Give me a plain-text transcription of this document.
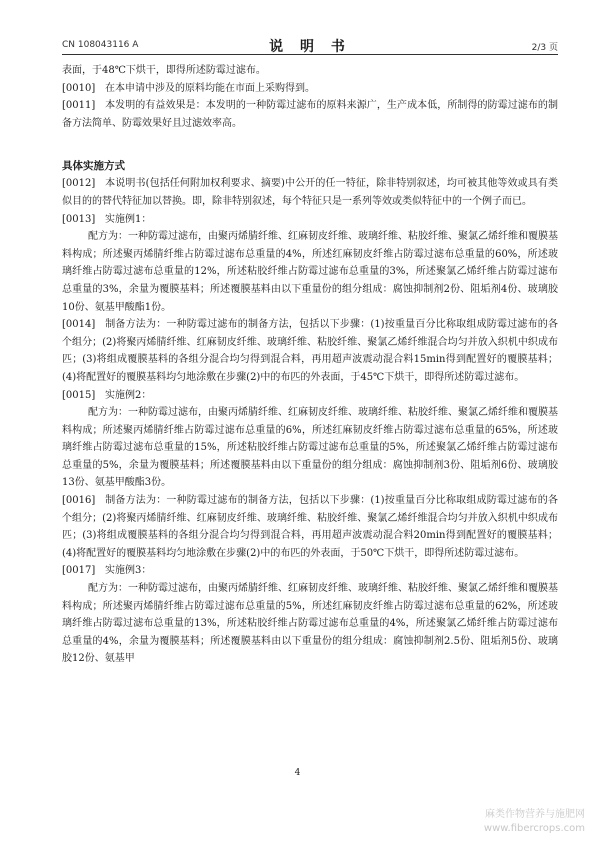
CN 108043116 A	说 明 书	2/3 页

表面，于48℃下烘干，即得所述防霉过滤布。

[0010] 在本申请中涉及的原料均能在市面上采购得到。

[0011] 本发明的有益效果是：本发明的一种防霉过滤布的原料来源广，生产成本低，所制得的防霉过滤布的制备方法简单、防霉效果好且过滤效率高。

具体实施方式

[0012] 本说明书(包括任何附加权利要求、摘要)中公开的任一特征，除非特别叙述，均可被其他等效或具有类似目的的替代特征加以替换。即，除非特别叙述，每个特征只是一系列等效或类似特征中的一个例子而已。

[0013] 实施例1：

配方为：一种防霉过滤布，由聚丙烯腈纤维、红麻韧皮纤维、玻璃纤维、粘胶纤维、聚氯乙烯纤维和覆膜基料构成；所述聚丙烯腈纤维占防霉过滤布总重量的4%，所述红麻韧皮纤维占防霉过滤布总重量的60%，所述玻璃纤维占防霉过滤布总重量的12%，所述粘胶纤维占防霉过滤布总重量的3%，所述聚氯乙烯纤维占防霉过滤布总重量的3%，余量为覆膜基料；所述覆膜基料由以下重量份的组分组成：腐蚀抑制剂2份、阻垢剂4份、玻璃胶10份、氨基甲酸酯1份。

[0014] 制备方法为：一种防霉过滤布的制备方法，包括以下步骤：(1)按重量百分比称取组成防霉过滤布的各个组分；(2)将聚丙烯腈纤维、红麻韧皮纤维、玻璃纤维、粘胶纤维、聚氯乙烯纤维混合均匀并放入织机中织成布匹；(3)将组成覆膜基料的各组分混合均匀得到混合料，再用超声波震动混合料15min得到配置好的覆膜基料；(4)将配置好的覆膜基料均匀地涂敷在步骤(2)中的布匹的外表面，于45℃下烘干，即得所述防霉过滤布。

[0015] 实施例2：

配方为：一种防霉过滤布，由聚丙烯腈纤维、红麻韧皮纤维、玻璃纤维、粘胶纤维、聚氯乙烯纤维和覆膜基料构成；所述聚丙烯腈纤维占防霉过滤布总重量的6%，所述红麻韧皮纤维占防霉过滤布总重量的65%，所述玻璃纤维占防霉过滤布总重量的15%，所述粘胶纤维占防霉过滤布总重量的5%，所述聚氯乙烯纤维占防霉过滤布总重量的5%，余量为覆膜基料；所述覆膜基料由以下重量份的组分组成：腐蚀抑制剂3份、阻垢剂6份、玻璃胶13份、氨基甲酸酯3份。

[0016] 制备方法为：一种防霉过滤布的制备方法，包括以下步骤：(1)按重量百分比称取组成防霉过滤布的各个组分；(2)将聚丙烯腈纤维、红麻韧皮纤维、玻璃纤维、粘胶纤维、聚氯乙烯纤维混合均匀并放入织机中织成布匹；(3)将组成覆膜基料的各组分混合均匀得到混合料，再用超声波震动混合料20min得到配置好的覆膜基料；(4)将配置好的覆膜基料均匀地涂敷在步骤(2)中的布匹的外表面，于50℃下烘干，即得所述防霉过滤布。

[0017] 实施例3：

配方为：一种防霉过滤布，由聚丙烯腈纤维、红麻韧皮纤维、玻璃纤维、粘胶纤维、聚氯乙烯纤维和覆膜基料构成；所述聚丙烯腈纤维占防霉过滤布总重量的5%，所述红麻韧皮纤维占防霉过滤布总重量的62%，所述玻璃纤维占防霉过滤布总重量的13%，所述粘胶纤维占防霉过滤布总重量的4%，所述聚氯乙烯纤维占防霉过滤布总重量的4%，余量为覆膜基料；所述覆膜基料由以下重量份的组分组成：腐蚀抑制剂2.5份、阻垢剂5份、玻璃胶12份、氨基甲

4
麻类作物营养与施肥网
www.fibercrops.com
